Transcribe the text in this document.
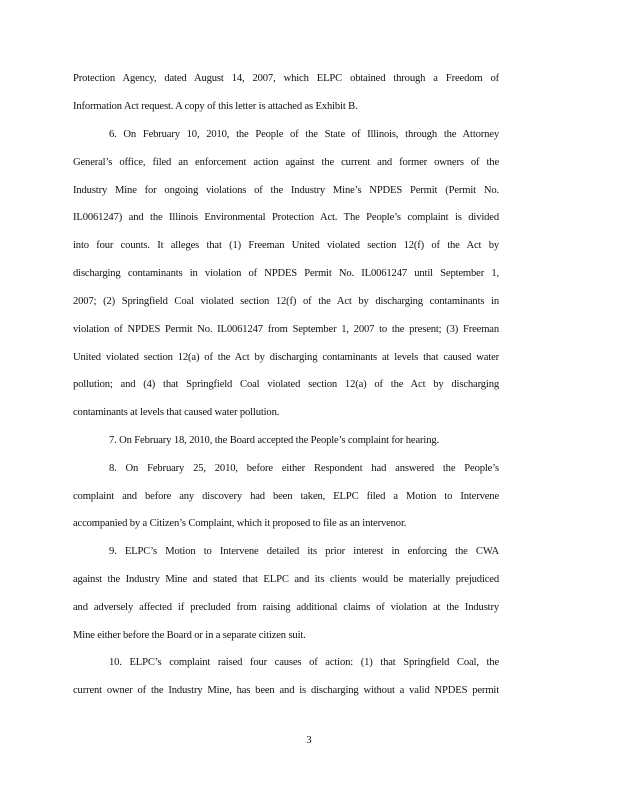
Protection Agency, dated August 14, 2007, which ELPC obtained through a Freedom of
Information Act request. A copy of this letter is attached as Exhibit B.
6. On February 10, 2010, the People of the State of Illinois, through the Attorney
General’s office, filed an enforcement action against the current and former owners of the
Industry Mine for ongoing violations of the Industry Mine’s NPDES Permit (Permit No.
IL0061247) and the Illinois Environmental Protection Act. The People’s complaint is divided
into four counts. It alleges that (1) Freeman United violated section 12(f) of the Act by
discharging contaminants in violation of NPDES Permit No. IL0061247 until September 1,
2007; (2) Springfield Coal violated section 12(f) of the Act by discharging contaminants in
violation of NPDES Permit No. IL0061247 from September 1, 2007 to the present; (3) Freeman
United violated section 12(a) of the Act by discharging contaminants at levels that caused water
pollution; and (4) that Springfield Coal violated section 12(a) of the Act by discharging
contaminants at levels that caused water pollution.
7. On February 18, 2010, the Board accepted the People’s complaint for hearing.
8. On February 25, 2010, before either Respondent had answered the People’s
complaint and before any discovery had been taken, ELPC filed a Motion to Intervene
accompanied by a Citizen’s Complaint, which it proposed to file as an intervenor.
9. ELPC’s Motion to Intervene detailed its prior interest in enforcing the CWA
against the Industry Mine and stated that ELPC and its clients would be materially prejudiced
and adversely affected if precluded from raising additional claims of violation at the Industry
Mine either before the Board or in a separate citizen suit.
10. ELPC’s complaint raised four causes of action: (1) that Springfield Coal, the
current owner of the Industry Mine, has been and is discharging without a valid NPDES permit
3
